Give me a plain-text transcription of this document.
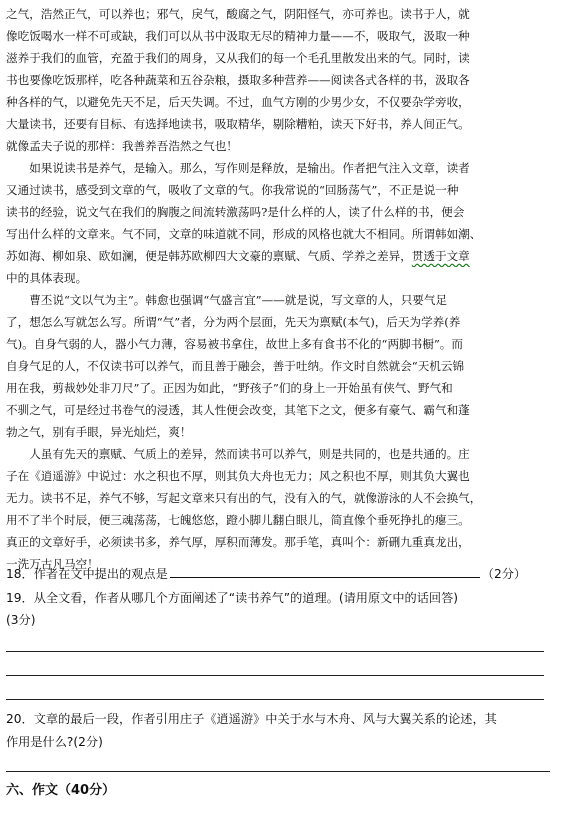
之气，浩然正气，可以养也；邪气，戾气，酸腐之气，阴阳怪气，亦可养也。读书于人，就
像吃饭喝水一样不可或缺，我们可以从书中汲取无尽的精神力量——不，吸取气，汲取一种
滋养于我们的血管，充盈于我们的周身，又从我们的每一个毛孔里散发出来的气。同时，读
书也要像吃饭那样，吃各种蔬菜和五谷杂粮，摄取多种营养——阅读各式各样的书，汲取各
种各样的气，以避免先天不足，后天失调。不过，血气方刚的少男少女，不仅要杂学旁收，
大量读书，还要有目标、有选择地读书，吸取精华，剔除糟粕，读天下好书，养人间正气。
就像孟夫子说的那样：我善养吾浩然之气也！
　　如果说读书是养气，是输入。那么，写作则是释放，是输出。作者把气注入文章，读者
又通过读书，感受到文章的气，吸收了文章的气。你我常说的“回肠荡气”，不正是说一种
读书的经验，说文气在我们的胸腹之间流转激荡吗?是什么样的人，读了什么样的书，便会
写出什么样的文章来。气不同，文章的味道就不同，形成的风格也就大不相同。所谓韩如潮、
苏如海、柳如泉、欧如澜，便是韩苏欧柳四大文豪的禀赋、气质、学养之差异，贯透于文章
中的具体表现。
　　曹丕说“文以气为主”。韩愈也强调“气盛言宜”——就是说，写文章的人，只要气足
了，想怎么写就怎么写。所谓“气”者，分为两个层面，先天为禀赋(本气)，后天为学养(养
气)。自身气弱的人，器小气力薄，容易被书拿住，故世上多有食书不化的“两脚书橱”。而
自身气足的人，不仅读书可以养气，而且善于融会，善于吐纳。作文时自然就会“天机云锦
用在我，剪裁妙处非刀尺”了。正因为如此，“野孩子”们的身上一开始虽有侠气、野气和
不驯之气，可是经过书卷气的浸透，其人性便会改变，其笔下之文，便多有豪气、霸气和蓬
勃之气，别有手眼，异光灿烂，爽！
　　人虽有先天的禀赋、气质上的差异，然而读书可以养气，则是共同的，也是共通的。庄
子在《逍遥游》中说过：水之积也不厚，则其负大舟也无力；风之积也不厚，则其负大翼也
无力。读书不足，养气不够，写起文章来只有出的气，没有入的气，就像游泳的人不会换气，
用不了半个时辰，便三魂荡荡，七魄悠悠，蹬小脚儿翻白眼儿，简直像个垂死挣扎的瘪三。
真正的文章好手，必须读书多，养气厚，厚积而薄发。那手笔，真叫个：新硎九重真龙出，
一洗万古凡马空！
18．作者在文中提出的观点是	（2分）
19．从全文看，作者从哪几个方面阐述了“读书养气”的道理。(请用原文中的话回答)
(3分)
20．文章的最后一段，作者引用庄子《逍遥游》中关于水与木舟、风与大翼关系的论述，其
作用是什么?(2分)
六、作文（40分）
